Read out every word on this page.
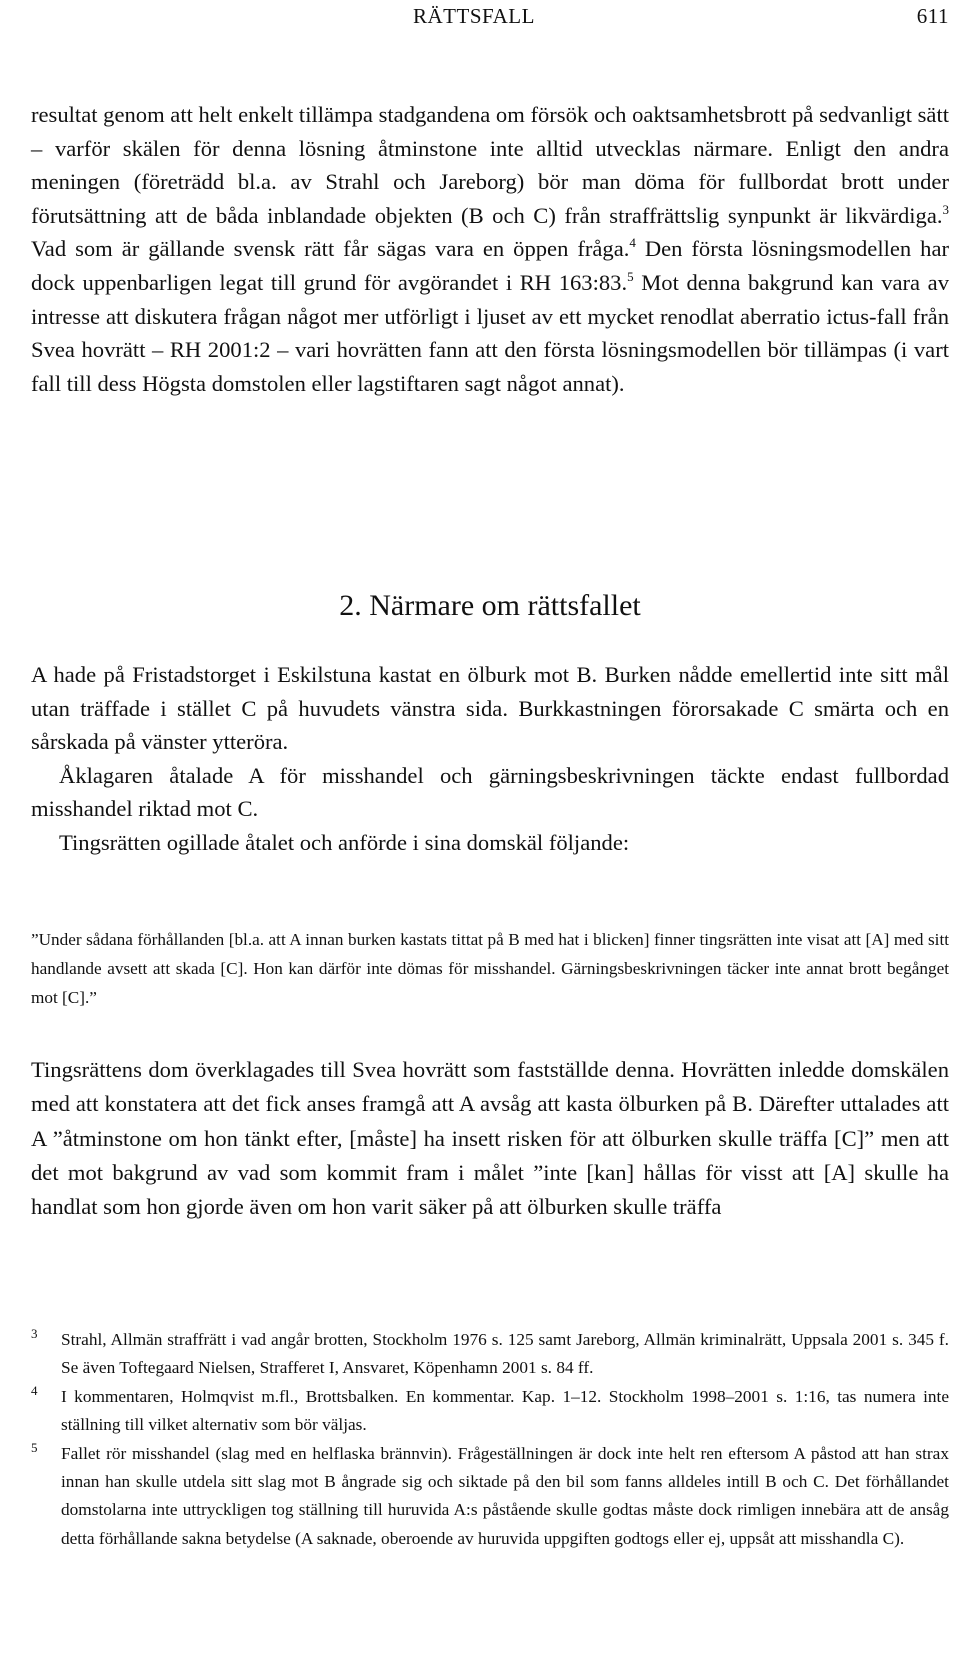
RÄTTSFALL	611
resultat genom att helt enkelt tillämpa stadgandena om försök och oaktsamhetsbrott på sedvanligt sätt – varför skälen för denna lösning åtminstone inte alltid utvecklas närmare. Enligt den andra meningen (företrädd bl.a. av Strahl och Jareborg) bör man döma för fullbordat brott under förutsättning att de båda inblandade objekten (B och C) från straffrättslig synpunkt är likvärdiga.$^3$ Vad som är gällande svensk rätt får sägas vara en öppen fråga.$^4$ Den första lösningsmodellen har dock uppenbarligen legat till grund för avgörandet i RH 163:83.$^5$ Mot denna bakgrund kan vara av intresse att diskutera frågan något mer utförligt i ljuset av ett mycket renodlat aberratio ictus-fall från Svea hovrätt – RH 2001:2 – vari hovrätten fann att den första lösningsmodellen bör tillämpas (i vart fall till dess Högsta domstolen eller lagstiftaren sagt något annat).
2. Närmare om rättsfallet

A hade på Fristadstorget i Eskilstuna kastat en ölburk mot B. Burken nådde emellertid inte sitt mål utan träffade i stället C på huvudets vänstra sida. Burkkastningen förorsakade C smärta och en sårskada på vänster ytteröra.

Åklagaren åtalade A för misshandel och gärningsbeskrivningen täckte endast fullbordad misshandel riktad mot C.

Tingsrätten ogillade åtalet och anförde i sina domskäl följande:

”Under sådana förhållanden [bl.a. att A innan burken kastats tittat på B med hat i blicken] finner tingsrätten inte visat att [A] med sitt handlande avsett att skada [C]. Hon kan därför inte dömas för misshandel. Gärningsbeskrivningen täcker inte annat brott begånget mot [C].”
Tingsrättens dom överklagades till Svea hovrätt som fastställde denna. Hovrätten inledde domskälen med att konstatera att det fick anses framgå att A avsåg att kasta ölburken på B. Därefter uttalades att A ”åtminstone om hon tänkt efter, [måste] ha insett risken för att ölburken skulle träffa [C]” men att det mot bakgrund av vad som kommit fram i målet ”inte [kan] hållas för visst att [A] skulle ha handlat som hon gjorde även om hon varit säker på att ölburken skulle träffa
3 Strahl, Allmän straffrätt i vad angår brotten, Stockholm 1976 s. 125 samt Jareborg, Allmän kriminalrätt, Uppsala 2001 s. 345 f. Se även Toftegaard Nielsen, Strafferet I, Ansvaret, Köpenhamn 2001 s. 84 ff.
4 I kommentaren, Holmqvist m.fl., Brottsbalken. En kommentar. Kap. 1–12. Stockholm 1998–2001 s. 1:16, tas numera inte ställning till vilket alternativ som bör väljas.
5 Fallet rör misshandel (slag med en helflaska brännvin). Frågeställningen är dock inte helt ren eftersom A påstod att han strax innan han skulle utdela sitt slag mot B ångrade sig och siktade på den bil som fanns alldeles intill B och C. Det förhållandet domstolarna inte uttryckligen tog ställning till huruvida A:s påstående skulle godtas måste dock rimligen innebära att de ansåg detta förhållande sakna betydelse (A saknade, oberoende av huruvida uppgiften godtogs eller ej, uppsåt att misshandla C).
